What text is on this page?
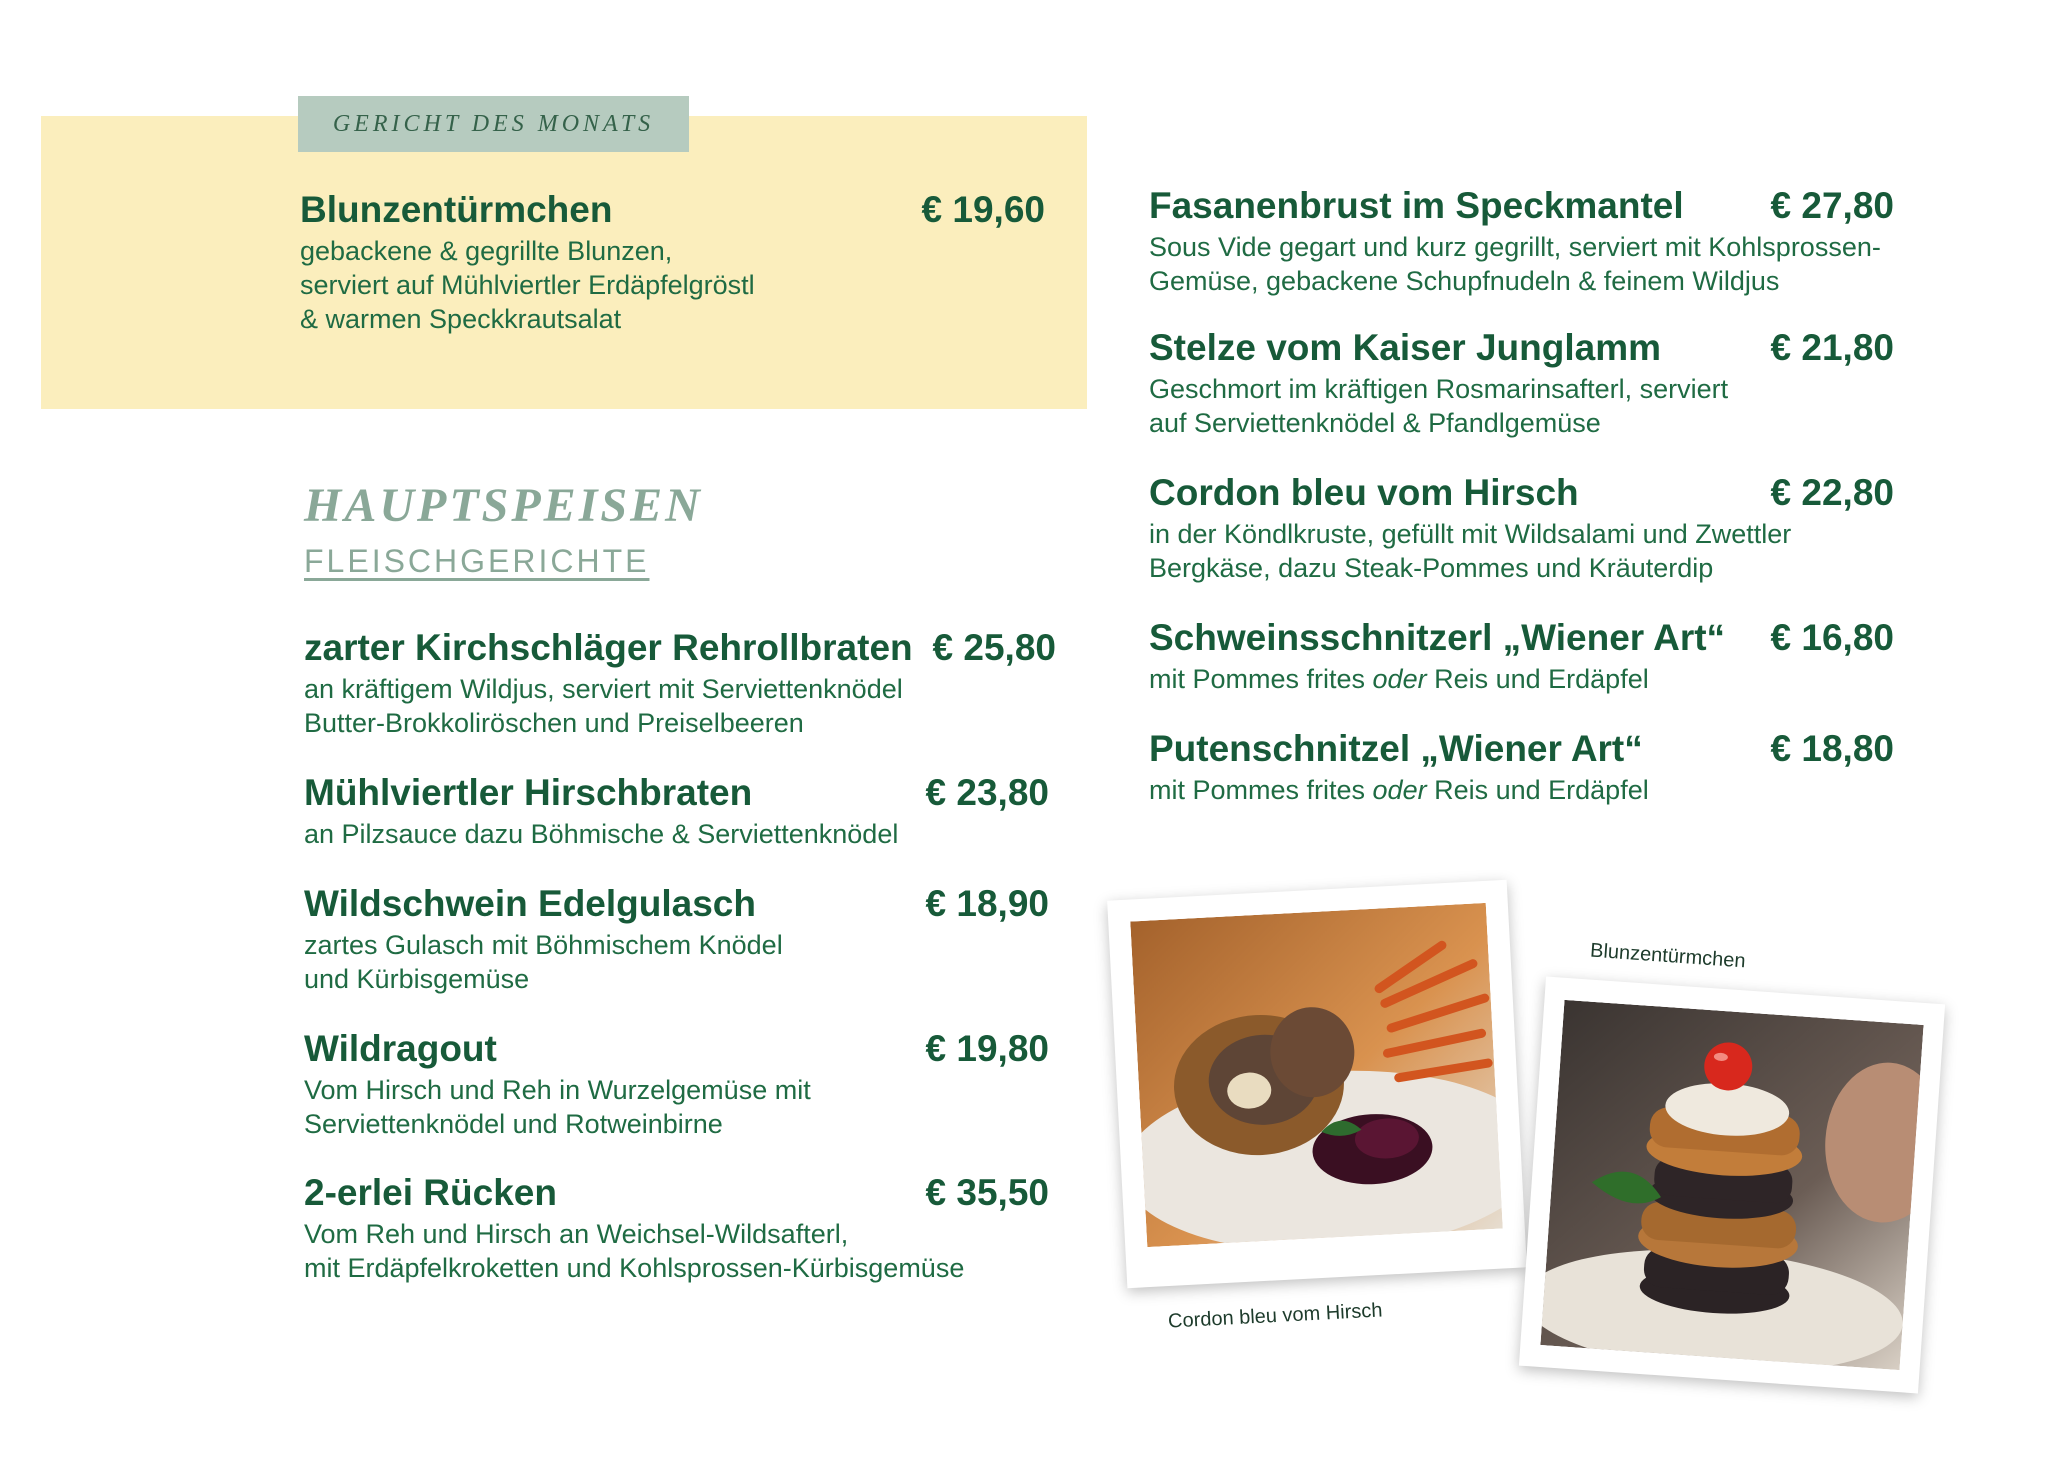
GERICHT DES MONATS
Blunzentürmchen	€ 19,60
gebackene & gegrillte Blunzen,
serviert auf Mühlviertler Erdäpfelgröstl
& warmen Speckkrautsalat
HAUPTSPEISEN
FLEISCHGERICHTE
zarter Kirchschläger Rehrollbraten € 25,80
an kräftigem Wildjus, serviert mit Serviettenknödel
Butter-Brokkoliröschen und Preiselbeeren
Mühlviertler Hirschbraten	€ 23,80
an Pilzsauce dazu Böhmische & Serviettenknödel
Wildschwein Edelgulasch	€ 18,90
zartes Gulasch mit Böhmischem Knödel
und Kürbisgemüse
Wildragout	€ 19,80
Vom Hirsch und Reh in Wurzelgemüse mit
Serviettenknödel und Rotweinbirne
2-erlei Rücken	€ 35,50
Vom Reh und Hirsch an Weichsel-Wildsafterl,
mit Erdäpfelkroketten und Kohlsprossen-Kürbisgemüse
Fasanenbrust im Speckmantel € 27,80
Sous Vide gegart und kurz gegrillt, serviert mit Kohlsprossen-
Gemüse, gebackene Schupfnudeln & feinem Wildjus
Stelze vom Kaiser Junglamm	€ 21,80
Geschmort im kräftigen Rosmarinsafterl, serviert
auf Serviettenknödel & Pfandlgemüse
Cordon bleu vom Hirsch	€ 22,80
in der Köndlkruste, gefüllt mit Wildsalami und Zwettler
Bergkäse, dazu Steak-Pommes und Kräuterdip
Schweinsschnitzerl „Wiener Art“ € 16,80
mit Pommes frites oder Reis und Erdäpfel
Putenschnitzel „Wiener Art“	€ 18,80
mit Pommes frites oder Reis und Erdäpfel
Cordon bleu vom Hirsch
Blunzentürmchen
